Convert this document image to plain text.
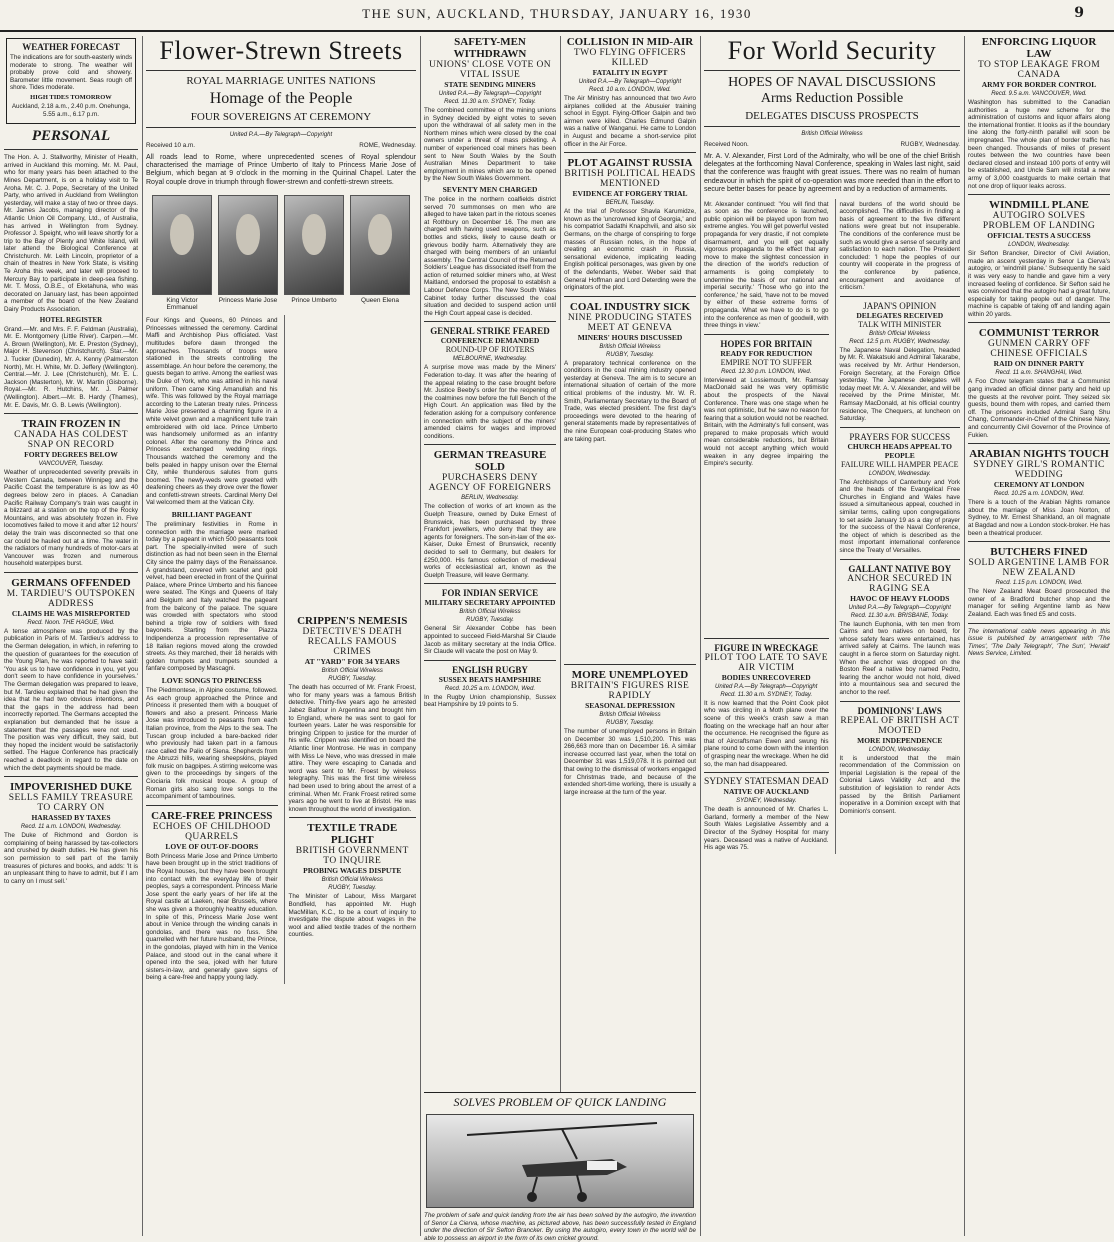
THE SUN, AUCKLAND, THURSDAY, JANUARY 16, 1930	9
WEATHER FORECAST
The indications are for south-easterly winds moderate to strong. The weather will probably prove cold and showery. Barometer little movement. Seas rough off shore. Tides moderate.
HIGH TIDES TOMORROW
Auckland, 2.18 a.m., 2.40 p.m. Onehunga, 5.55 a.m., 6.17 p.m.
PERSONAL
The Hon. A. J. Stallworthy, Minister of Health, arrived in Auckland this morning. Mr. M. Paul, who for many years has been attached to the Mines Department, is on a holiday visit to Te Aroha. Mr. C. J. Pope, Secretary of the United Party, who arrived in Auckland from Wellington yesterday, will make a stay of two or three days. Mr. James Jacobs, managing director of the Atlantic Union Oil Company, Ltd., of Australia, has arrived in Wellington from Sydney. Professor J. Speight, who will leave shortly for a trip to the Bay of Plenty and White Island, will later attend the Biological Conference at Christchurch. Mr. Leith Lincoln, proprietor of a chain of theatres in New York State, is visiting Te Aroha this week, and later will proceed to Mercury Bay to participate in deep-sea fishing. Mr. T. Moss, O.B.E., of Eketahuna, who was decorated on January last, has been appointed a member of the board of the New Zealand Dairy Products Association.
HOTEL REGISTER
Grand.—Mr. and Mrs. F. F. Feldman (Australia), Mr. E. Montgomery (Little River). Carpen.—Mr. A. Brown (Wellington), Mr. E. Preston (Sydney), Major H. Stevenson (Christchurch). Star.—Mr. J. Tucker (Dunedin), Mr. A. Kenny (Palmerston North), Mr. H. White, Mr. D. Jeffery (Wellington). Central.—Mr. J. Lee (Christchurch), Mr. E. L. Jackson (Masterton), Mr. W. Martin (Gisborne). Royal.—Mr. R. Hutchins, Mr. J. Palmer (Wellington). Albert.—Mr. B. Hardy (Thames), Mr. E. Davis, Mr. G. B. Lewis (Wellington).
TRAIN FROZEN IN
CANADA HAS COLDEST SNAP ON RECORD
FORTY DEGREES BELOW
VANCOUVER, Tuesday.
Weather of unprecedented severity prevails in Western Canada, between Winnipeg and the Pacific Coast the temperature is as low as 40 degrees below zero in places. A Canadian Pacific Railway Company's train was caught in a blizzard at a station on the top of the Rocky Mountains, and was absolutely frozen in. Five locomotives failed to move it and after 12 hours' delay the train was disconnected so that one car could be hauled out at a time. The water in the radiators of many hundreds of motor-cars at Vancouver was frozen and numerous household waterpipes burst.
GERMANS OFFENDED
M. TARDIEU'S OUTSPOKEN ADDRESS
CLAIMS HE WAS MISREPORTED
Recd. Noon. THE HAGUE, Wed.
A tense atmosphere was produced by the publication in Paris of M. Tardieu's address to the German delegation, in which, in referring to the question of guarantees for the execution of the Young Plan, he was reported to have said: 'You ask us to have confidence in you, yet you don't seem to have confidence in yourselves.' The German delegation was prepared to leave, but M. Tardieu explained that he had given the idea that he had two obvious intentions, and that the gaps in the address had been incorrectly reported. The Germans accepted the explanation but demanded that he issue a statement that the passages were not used. The position was very difficult, they said, but they hoped the incident would be satisfactorily settled. The Hague Conference has practically reached a deadlock in regard to the date on which the debt payments should be made.
IMPOVERISHED DUKE
SELLS FAMILY TREASURE TO CARRY ON
HARASSED BY TAXES
Recd. 11 a.m. LONDON, Wednesday.
The Duke of Richmond and Gordon is complaining of being harassed by tax-collectors and crushed by death duties. He has given his son permission to sell part of the family treasures of pictures and books, and adds: 'It is an unpleasant thing to have to admit, but if I am to carry on I must sell.'
Flower-Strewn Streets
ROYAL MARRIAGE UNITES NATIONS
Homage of the People
FOUR SOVEREIGNS AT CEREMONY
United P.A.—By Telegraph—Copyright
Received 10 a.m.	ROME, Wednesday.
All roads lead to Rome, where unprecedented scenes of Royal splendour characterised the marriage of Prince Umberto of Italy to Princess Marie Jose of Belgium, which began at 9 o'clock in the morning in the Quirinal Chapel. Later the Royal couple drove in triumph through flower-strewn and confetti-strewn streets.
King Victor Emmanuel
Princess Marie Jose	Prince Umberto	Queen Elena
Four Kings and Queens, 60 Princes and Princesses witnessed the ceremony. Cardinal Maffi and Archbishop Pius officiated. Vast multitudes before dawn thronged the approaches. Thousands of troops were stationed in the streets controlling the assemblage. An hour before the ceremony, the guests began to arrive. Among the earliest was the Duke of York, who was attired in his naval uniform. Then came King Amanullah and his wife. This was followed by the Royal marriage according to the Lateran treaty rules. Princess Marie Jose presented a charming figure in a white velvet gown and a magnificent tulle train embroidered with old lace. Prince Umberto was handsomely uniformed as an infantry colonel. After the ceremony the Prince and Princess exchanged wedding rings. Thousands watched the ceremony and the bells pealed in happy unison over the Eternal City, while thunderous salutes from guns boomed. The newly-weds were greeted with deafening cheers as they drove over the flower and confetti-strewn streets. Cardinal Merry Del Val welcomed them at the Vatican City.
BRILLIANT PAGEANT
The preliminary festivities in Rome in connection with the marriage were marked today by a pageant in which 500 peasants took part. The specially-invited were of such distinction as had not been seen in the Eternal City since the palmy days of the Renaissance. A grandstand, covered with scarlet and gold velvet, had been erected in front of the Quirinal Palace, where Prince Umberto and his fiancee were seated. The Kings and Queens of Italy and Belgium and Italy watched the pageant from the balcony of the palace. The square was crowded with spectators who stood behind a triple row of soldiers with fixed bayonets. Starting from the Piazza Indipendenza a procession representative of 18 Italian regions moved along the crowded streets. As they marched, their 18 heralds with golden trumpets and trumpets sounded a fanfare composed by Mascagni.
LOVE SONGS TO PRINCESS
The Piedmontese, in Alpine costume, followed. As each group approached the Prince and Princess it presented them with a bouquet of flowers and also a present. Princess Marie Jose was introduced to peasants from each Italian province, from the Alps to the sea. The Tuscan group included a bare-backed rider who previously had taken part in a famous race called the Palio of Siena. Shepherds from the Abruzzi hills, wearing sheepskins, played folk music on bagpipes. A stirring welcome was given to the proceedings by singers of the Ciociaria folk musical troupe. A group of Roman girls also sang love songs to the accompaniment of tambourines.
CARE-FREE PRINCESS
ECHOES OF CHILDHOOD QUARRELS
LOVE OF OUT-OF-DOORS
Both Princess Marie Jose and Prince Umberto have been brought up in the strict traditions of the Royal houses, but they have been brought into contact with the everyday life of their peoples, says a correspondent. Princess Marie Jose spent the early years of her life at the Royal castle at Laeken, near Brussels, where she was given a thoroughly healthy education. In spite of this, Princess Marie Jose went about in Venice through the winding canals in gondolas, and there was no fuss. She quarrelled with her future husband, the Prince, in the gondolas, played with him in the Venice Palace, and stood out in the canal where it opened into the sea, joked with her future sisters-in-law, and generally gave signs of being a care-free and happy young lady.
CRIPPEN'S NEMESIS
DETECTIVE'S DEATH RECALLS FAMOUS CRIMES
AT "YARD" FOR 34 YEARS
British Official Wireless
RUGBY, Tuesday.
The death has occurred of Mr. Frank Froest, who for many years was a famous British detective. Thirty-five years ago he arrested Jabez Balfour in Argentina and brought him to England, where he was sent to gaol for fourteen years. Later he was responsible for bringing Crippen to justice for the murder of his wife. Crippen was identified on board the Atlantic liner Montrose. He was in company with Miss Le Neve, who was dressed in male attire. They were escaping to Canada and word was sent to Mr. Froest by wireless telegraphy. This was the first time wireless had been used to bring about the arrest of a criminal. When Mr. Frank Froest retired some years ago he went to live at Bristol. He was known throughout the world of investigation.
TEXTILE TRADE PLIGHT
BRITISH GOVERNMENT TO INQUIRE
PROBING WAGES DISPUTE
British Official Wireless
RUGBY, Tuesday.
The Minister of Labour, Miss Margaret Bondfield, has appointed Mr. Hugh MacMillan, K.C., to be a court of inquiry to investigate the dispute about wages in the wool and allied textile trades of the northern counties.
SAFETY-MEN WITHDRAWN
UNIONS' CLOSE VOTE ON VITAL ISSUE
STATE SENDING MINERS
United P.A.—By Telegraph—Copyright
Recd. 11.30 a.m. SYDNEY, Today.
The combined committee of the mining unions in Sydney decided by eight votes to seven upon the withdrawal of all safety men in the Northern mines which were closed by the coal owners under a threat of mass picketing. A number of experienced coal miners has been sent to New South Wales by the South Australian Mines Department to take employment in mines which are to be opened by the New South Wales Government.
SEVENTY MEN CHARGED
The police in the northern coalfields district served 70 summonses on men who are alleged to have taken part in the riotous scenes at Rothbury on December 16. The men are charged with having used weapons, such as bottles and sticks, likely to cause death or grievous bodily harm. Alternatively they are charged with being members of an unlawful assembly. The Central Council of the Returned Soldiers' League has dissociated itself from the action of returned soldier miners who, at West Maitland, endorsed the proposal to establish a Labour Defence Corps. The New South Wales Cabinet today further discussed the coal situation and decided to suspend action until the High Court appeal case is decided.
GENERAL STRIKE FEARED
CONFERENCE DEMANDED
ROUND-UP OF RIOTERS
MELBOURNE, Wednesday.
A surprise move was made by the Miners' Federation to-day. It was after the hearing of the appeal relating to the case brought before Mr. Justice Beeby's order for the reopening of the coalmines now before the full Bench of the High Court. An application was filed by the federation asking for a compulsory conference in connection with the subject of the miners' amended claims for wages and improved conditions.
GERMAN TREASURE SOLD
PURCHASERS DENY AGENCY OF FOREIGNERS
BERLIN, Wednesday.
The collection of works of art known as the Guelph Treasure, owned by Duke Ernest of Brunswick, has been purchased by three Frankfort jewellers, who deny that they are agents for foreigners. The son-in-law of the ex-Kaiser, Duke Ernest of Brunswick, recently decided to sell to Germany, but dealers for £250,000. His famous collection of medieval works of ecclesiastical art, known as the Guelph Treasure, will leave Germany.
FOR INDIAN SERVICE
MILITARY SECRETARY APPOINTED
British Official Wireless
RUGBY, Tuesday.
General Sir Alexander Cobbe has been appointed to succeed Field-Marshal Sir Claude Jacob as military secretary at the India Office. Sir Claude will vacate the post on May 9.
ENGLISH RUGBY
SUSSEX BEATS HAMPSHIRE
Recd. 10.25 a.m. LONDON, Wed.
In the Rugby Union championship, Sussex beat Hampshire by 19 points to 5.
COLLISION IN MID-AIR
TWO FLYING OFFICERS KILLED
FATALITY IN EGYPT
United P.A.—By Telegraph—Copyright
Recd. 10 a.m. LONDON, Wed.
The Air Ministry has announced that two Avro airplanes collided at the Abusuier training school in Egypt. Flying-Officer Galpin and two airmen were killed. Charles Edmund Galpin was a native of Wanganui. He came to London in August and became a short-service pilot officer in the Air Force.
PLOT AGAINST RUSSIA
BRITISH POLITICAL HEADS MENTIONED
EVIDENCE AT FORGERY TRIAL
BERLIN, Tuesday.
At the trial of Professor Shavla Karumidze, known as the 'uncrowned king of Georgia,' and his compatriot Sadathi Knapchvili, and also six Germans, on the charge of conspiring to forge masses of Russian notes, in the hope of creating an economic crash in Russia, sensational evidence, implicating leading English political personages, was given by one of the defendants, Weber. Weber said that General Hoffman and Lord Deterding were the originators of the plot.
COAL INDUSTRY SICK
NINE PRODUCING STATES MEET AT GENEVA
MINERS' HOURS DISCUSSED
British Official Wireless
RUGBY, Tuesday.
A preparatory technical conference on the conditions in the coal mining industry opened yesterday at Geneva. The aim is to secure an international situation of certain of the more critical problems of the industry. Mr. W. R. Smith, Parliamentary Secretary to the Board of Trade, was elected president. The first day's proceedings were devoted to the hearing of general statements made by representatives of the nine European coal-producing States who are taking part.
MORE UNEMPLOYED
BRITAIN'S FIGURES RISE RAPIDLY
SEASONAL DEPRESSION
British Official Wireless
RUGBY, Tuesday.
The number of unemployed persons in Britain on December 30 was 1,510,200. This was 266,663 more than on December 16. A similar increase occurred last year, when the total on December 31 was 1,519,078. It is pointed out that owing to the dismissal of workers engaged for Christmas trade, and because of the extended short-time working, there is usually a large increase at the turn of the year.
SOLVES PROBLEM OF QUICK LANDING
The problem of safe and quick landing from the air has been solved by the autogiro, the invention of Senor La Cierva, whose machine, as pictured above, has been successfully tested in England under the direction of Sir Sefton Brancker. By using the autogiro, every town in the world will be able to possess an airport in the form of its own cricket ground.
For World Security
HOPES OF NAVAL DISCUSSIONS
Arms Reduction Possible
DELEGATES DISCUSS PROSPECTS
British Official Wireless
Received Noon.	RUGBY, Wednesday.
Mr. A. V. Alexander, First Lord of the Admiralty, who will be one of the chief British delegates at the forthcoming Naval Conference, speaking in Wales last night, said that the conference was fraught with great issues. There was no realm of human endeavour in which the spirit of co-operation was more needed than in the effort to secure better bases for peace by agreement and by a reduction of armaments.
Mr. Alexander continued: 'You will find that as soon as the conference is launched, public opinion will be played upon from two extreme angles. You will get powerful vested propaganda for very drastic, if not complete disarmament, and you will get equally vigorous propaganda to the effect that any move to make the slightest concession in the direction of the world's reduction of armaments is going completely to undermine the basis of our national and imperial security.' 'Those who go into the conference,' he said, 'have not to be moved by either of these extreme forms of propaganda. What we have to do is to go into the conference as men of goodwill, with three things in view.'
HOPES FOR BRITAIN
READY FOR REDUCTION
EMPIRE NOT TO SUFFER
Recd. 12.30 p.m. LONDON, Wed.
Interviewed at Lossiemouth, Mr. Ramsay MacDonald said he was very optimistic about the prospects of the Naval Conference. There was one stage when he was not optimistic, but he saw no reason for fearing that a solution would not be reached. Britain, with the Admiralty's full consent, was prepared to make proposals which would mean considerable reductions, but Britain would not accept anything which would weaken in any degree impairing the Empire's security.
FIGURE IN WRECKAGE
PILOT TOO LATE TO SAVE AIR VICTIM
BODIES UNRECOVERED
United P.A.—By Telegraph—Copyright
Recd. 11.30 a.m. SYDNEY, Today.
It is now learned that the Point Cook pilot who was circling in a Moth plane over the scene of this week's crash saw a man floating on the wreckage half an hour after the occurrence. He recognised the figure as that of Aircraftsman Ewen and swung his plane round to come down with the intention of grasping near the wreckage. When he did so, the man had disappeared.
SYDNEY STATESMAN DEAD
NATIVE OF AUCKLAND
SYDNEY, Wednesday.
The death is announced of Mr. Charles L. Garland, formerly a member of the New South Wales Legislative Assembly and a Director of the Sydney Hospital for many years. Deceased was a native of Auckland. His age was 75.
naval burdens of the world should be accomplished. The difficulties in finding a basis of agreement to the five different nations were great but not insuperable. The conditions of the conference must be such as would give a sense of security and satisfaction to each nation. The President concluded: 'I hope the peoples of our country will cooperate in the progress of the conference by patience, encouragement and avoidance of criticism.'
JAPAN'S OPINION
DELEGATES RECEIVED
TALK WITH MINISTER
British Official Wireless
Recd. 12.5 p.m. RUGBY, Wednesday.
The Japanese Naval Delegation, headed by Mr. R. Wakatsuki and Admiral Takarabe, was received by Mr. Arthur Henderson, Foreign Secretary, at the Foreign Office yesterday. The Japanese delegates will today meet Mr. A. V. Alexander, and will be received by the Prime Minister, Mr. Ramsay MacDonald, at his official country residence, The Chequers, at luncheon on Saturday.
PRAYERS FOR SUCCESS
CHURCH HEADS APPEAL TO PEOPLE
FAILURE WILL HAMPER PEACE
LONDON, Wednesday.
The Archbishops of Canterbury and York and the heads of the Evangelical Free Churches in England and Wales have issued a simultaneous appeal, couched in similar terms, calling upon congregations to set aside January 19 as a day of prayer for the success of the Naval Conference, the object of which is described as the most important international conference since the Treaty of Versailles.
GALLANT NATIVE BOY
ANCHOR SECURED IN RAGING SEA
HAVOC OF HEAVY FLOODS
United P.A.—By Telegraph—Copyright
Recd. 11.30 a.m. BRISBANE, Today.
The launch Euphonia, with ten men from Cairns and two natives on board, for whose safety fears were entertained, has arrived safely at Cairns. The launch was caught in a fierce storm on Saturday night. When the anchor was dropped on the Boston Reef a native boy named Pedro, fearing the anchor would not hold, dived into a mountainous sea and secured the anchor to the reef.
DOMINIONS' LAWS
REPEAL OF BRITISH ACT MOOTED
MORE INDEPENDENCE
LONDON, Wednesday.
It is understood that the main recommendation of the Commission on Imperial Legislation is the repeal of the Colonial Laws Validity Act and the substitution of legislation to render Acts passed by the British Parliament inoperative in a Dominion except with that Dominion's consent.
ENFORCING LIQUOR LAW
TO STOP LEAKAGE FROM CANADA
ARMY FOR BORDER CONTROL
Recd. 9.5 a.m. VANCOUVER, Wed.
Washington has submitted to the Canadian authorities a huge new scheme for the administration of customs and liquor affairs along the international frontier. It looks as if the boundary line along the forty-ninth parallel will soon be impregnated. The whole plan of border traffic has been changed. Thousands of miles of present routes between the two countries have been declared closed and instead 100 ports of entry will be established, and Uncle Sam will install a new army of 3,000 coastguards to make certain that not one drop of liquor leaks across.
WINDMILL PLANE
AUTOGIRO SOLVES PROBLEM OF LANDING
OFFICIAL TESTS A SUCCESS
LONDON, Wednesday.
Sir Sefton Brancker, Director of Civil Aviation, made an ascent yesterday in Senor La Cierva's autogiro, or 'windmill plane.' Subsequently he said it was very easy to handle and gave him a very increased feeling of confidence. Sir Sefton said he was convinced that the autogiro had a great future, especially for taking people out of danger. The machine is capable of taking off and landing again within 20 yards.
COMMUNIST TERROR
GUNMEN CARRY OFF CHINESE OFFICIALS
RAID ON DINNER PARTY
Recd. 11 a.m. SHANGHAI, Wed.
A Foo Chow telegram states that a Communist gang invaded an official dinner party and held up the guests at the revolver point. They seized six guests, bound them with ropes, and carried them off. The prisoners included Admiral Sang Shu Chang, Commander-in-Chief of the Chinese Navy, and concurrently Civil Governor of the Province of Fukien.
ARABIAN NIGHTS TOUCH
SYDNEY GIRL'S ROMANTIC WEDDING
CEREMONY AT LONDON
Recd. 10.25 a.m. LONDON, Wed.
There is a touch of the Arabian Nights romance about the marriage of Miss Joan Norton, of Sydney, to Mr. Ernest Shankland, an oil magnate at Bagdad and now a London stock-broker. He has been a theatrical producer.
BUTCHERS FINED
SOLD ARGENTINE LAMB FOR NEW ZEALAND
Recd. 1.15 p.m. LONDON, Wed.
The New Zealand Meat Board prosecuted the owner of a Bradford butcher shop and the manager for selling Argentine lamb as New Zealand. Each was fined £5 and costs.
The international cable news appearing in this issue is published by arrangement with 'The Times', 'The Daily Telegraph', 'The Sun', 'Herald' News Service, Limited.
